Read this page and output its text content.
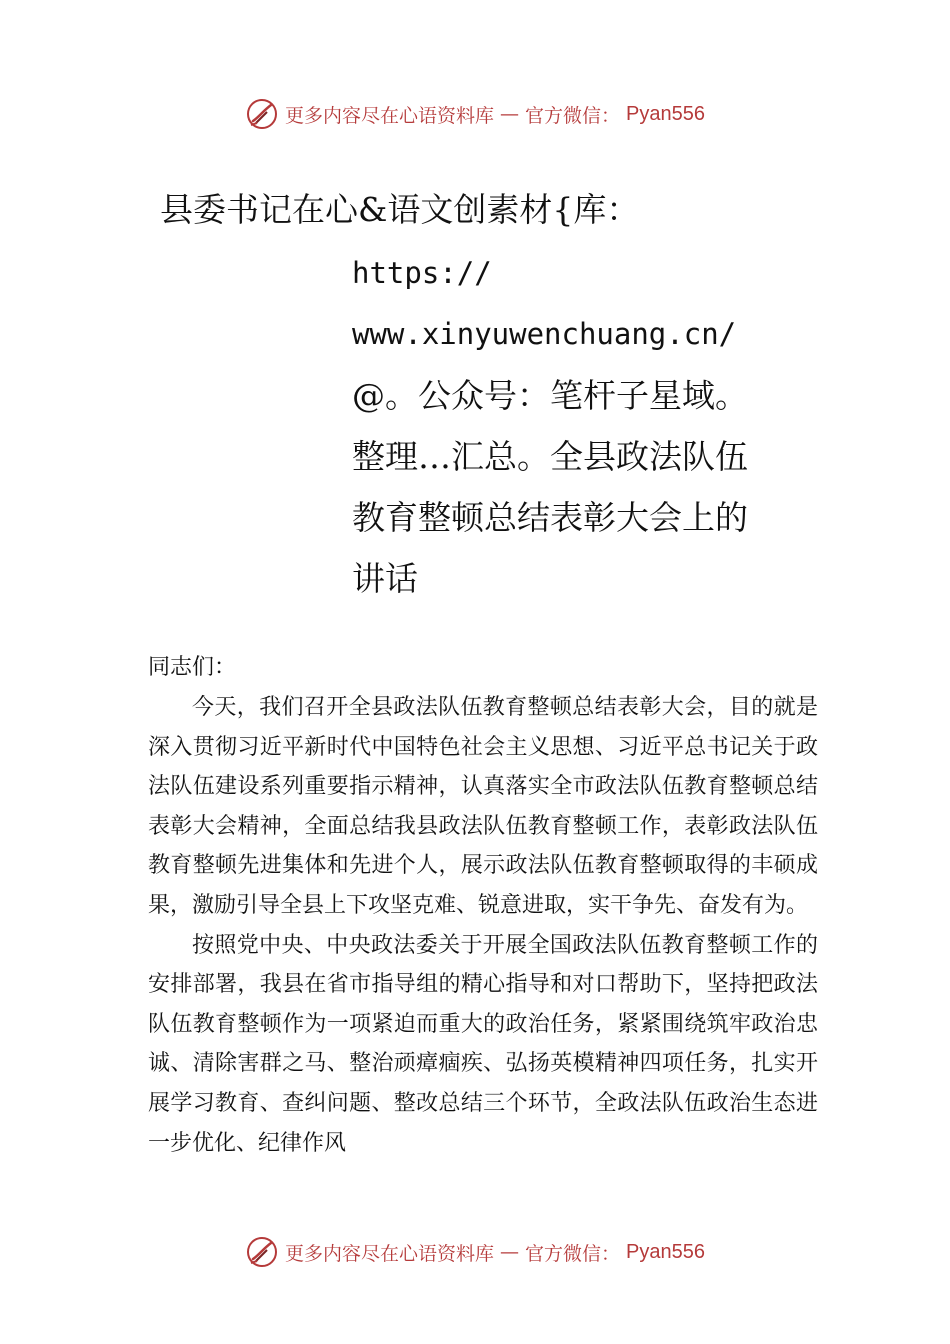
更多内容尽在心语资料库 — 官方微信： Pyan556
县委书记在心&语文创素材{库：
https://
www.xinyuwenchuang.cn/
@。公众号：笔杆子星域。
整理…汇总。全县政法队伍
教育整顿总结表彰大会上的
讲话

同志们：

今天，我们召开全县政法队伍教育整顿总结表彰大会，目的就是深入贯彻习近平新时代中国特色社会主义思想、习近平总书记关于政法队伍建设系列重要指示精神，认真落实全市政法队伍教育整顿总结表彰大会精神，全面总结我县政法队伍教育整顿工作，表彰政法队伍教育整顿先进集体和先进个人，展示政法队伍教育整顿取得的丰硕成果，激励引导全县上下攻坚克难、锐意进取，实干争先、奋发有为。

按照党中央、中央政法委关于开展全国政法队伍教育整顿工作的安排部署，我县在省市指导组的精心指导和对口帮助下，坚持把政法队伍教育整顿作为一项紧迫而重大的政治任务，紧紧围绕筑牢政治忠诚、清除害群之马、整治顽瘴痼疾、弘扬英模精神四项任务，扎实开展学习教育、查纠问题、整改总结三个环节，全政法队伍政治生态进一步优化、纪律作风

更多内容尽在心语资料库 — 官方微信： Pyan556
